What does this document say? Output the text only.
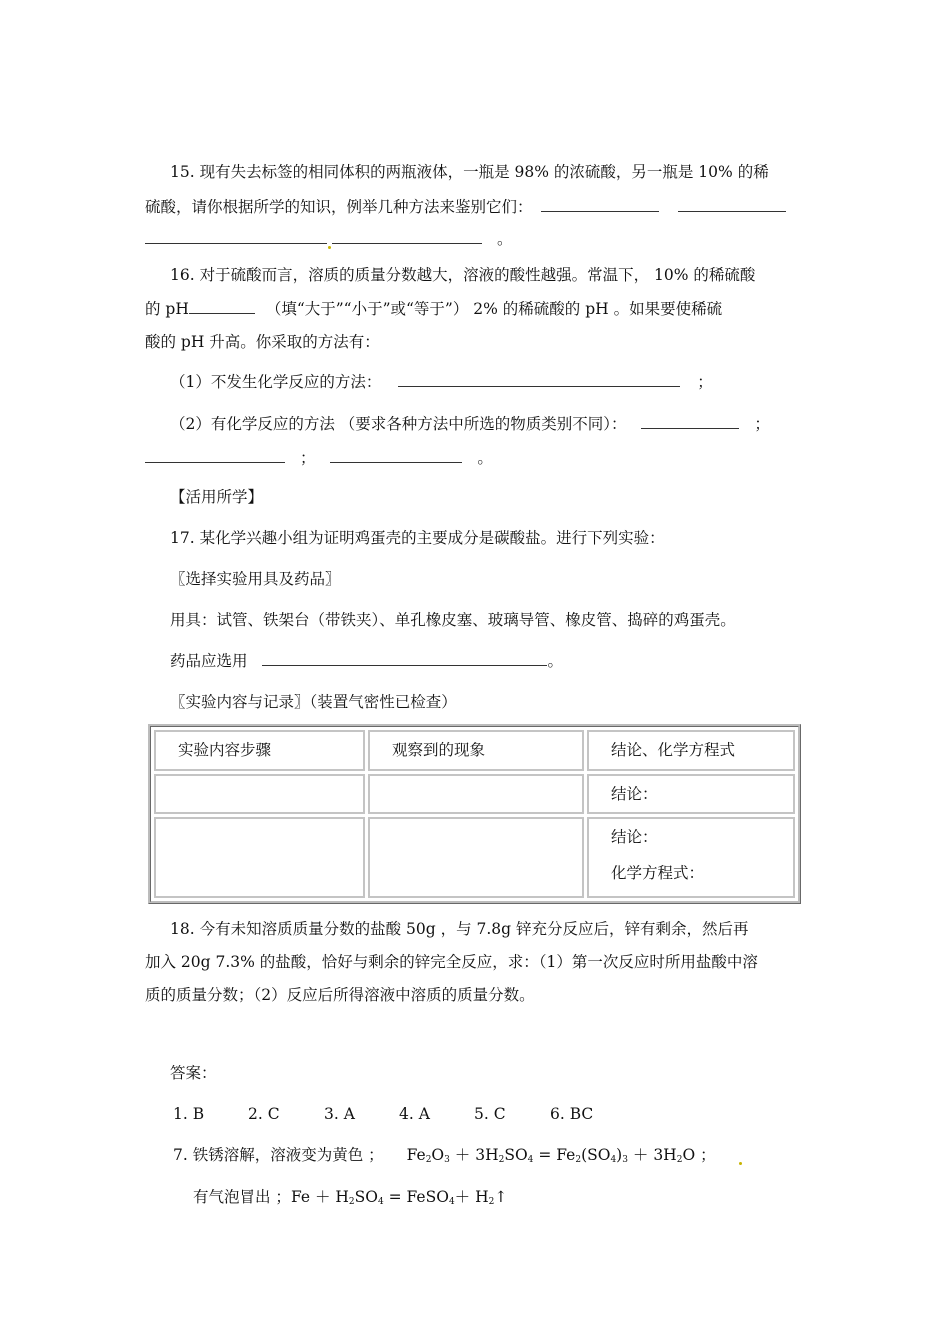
15. 现有失去标签的相同体积的两瓶液体，一瓶是 98% 的浓硫酸，另一瓶是 10% 的稀
硫酸，请你根据所学的知识，例举几种方法来鉴别它们：
。
16. 对于硫酸而言，溶质的质量分数越大，溶液的酸性越强。常温下， 10% 的稀硫酸
的 pH	（填“大于”“小于”或“等于”） 2% 的稀硫酸的 pH 。如果要使稀硫
酸的 pH 升高。你采取的方法有：
（1）不发生化学反应的方法：	；
（2）有化学反应的方法 （要求各种方法中所选的物质类别不同）：	；
；	。
【活用所学】
17. 某化学兴趣小组为证明鸡蛋壳的主要成分是碳酸盐。进行下列实验：
〖选择实验用具及药品〗
用具：试管、铁架台（带铁夹）、单孔橡皮塞、玻璃导管、橡皮管、捣碎的鸡蛋壳。
药品应选用	。
〖实验内容与记录〗（装置气密性已检查）
实验内容步骤	观察到的现象	结论、化学方程式

		结论：

		结论：
化学方程式：
18. 今有未知溶质质量分数的盐酸 50g ，与 7.8g 锌充分反应后，锌有剩余，然后再
加入 20g 7.3% 的盐酸，恰好与剩余的锌完全反应，求：（1）第一次反应时所用盐酸中溶
质的质量分数；（2）反应后所得溶液中溶质的质量分数。
答案：
1. B	2. C	3. A	4. A	5. C	6. BC
7. 铁锈溶解，溶液变为黄色 ； $Fe_2O_3 + 3H_2SO_4 = Fe_2(SO_4)_3 + 3H_2O$ ；
有气泡冒出 ；$Fe + H_2SO_4$ = FeSO$_4$＋ $H_2↑$
